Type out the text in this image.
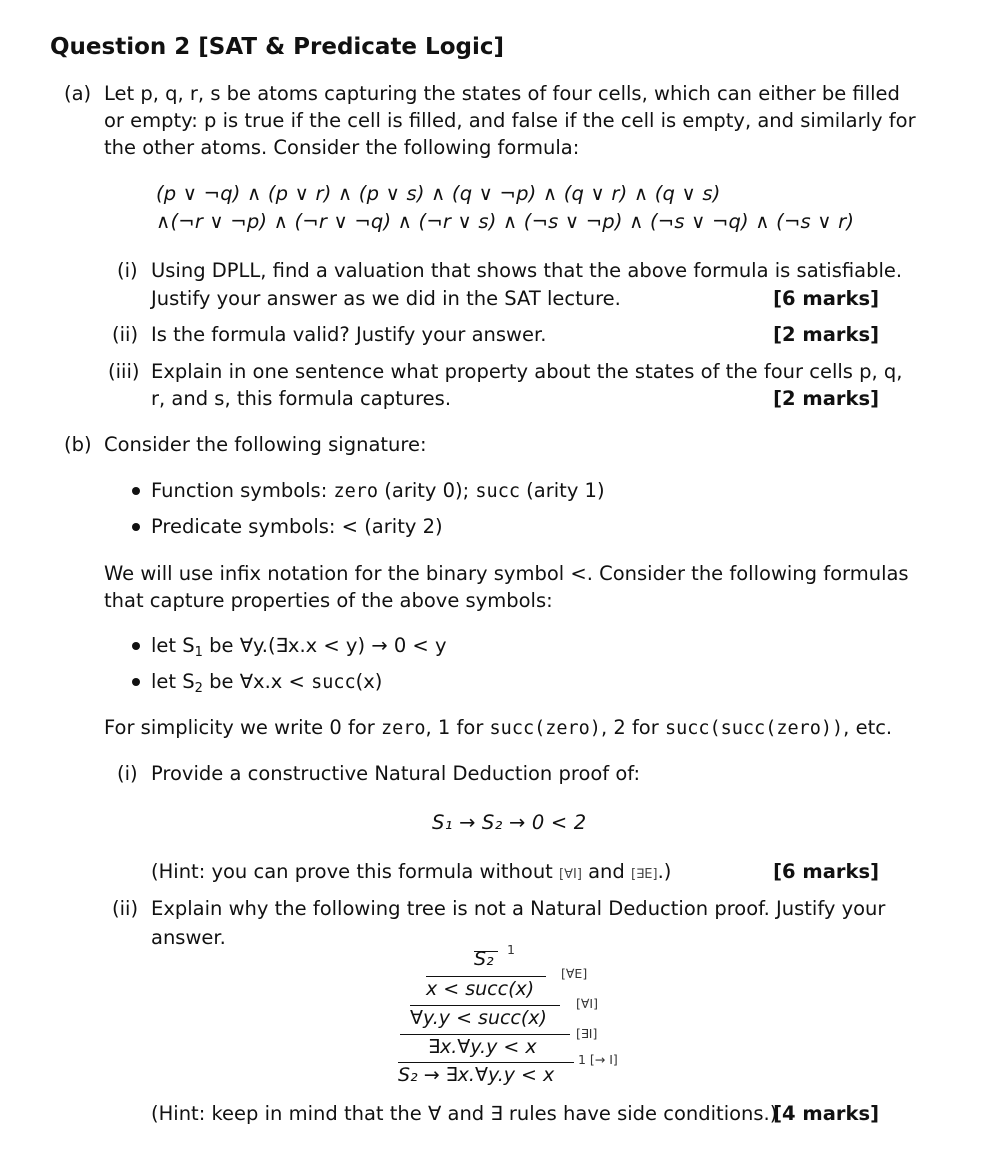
Question 2 [SAT & Predicate Logic]
(a) Let p, q, r, s be atoms capturing the states of four cells, which can either be filled
or empty: p is true if the cell is filled, and false if the cell is empty, and similarly for
the other atoms. Consider the following formula:
(p ∨ ¬q) ∧ (p ∨ r) ∧ (p ∨ s) ∧ (q ∨ ¬p) ∧ (q ∨ r) ∧ (q ∨ s)
∧(¬r ∨ ¬p) ∧ (¬r ∨ ¬q) ∧ (¬r ∨ s) ∧ (¬s ∨ ¬p) ∧ (¬s ∨ ¬q) ∧ (¬s ∨ r)
(i) Using DPLL, find a valuation that shows that the above formula is satisfiable.
Justify your answer as we did in the SAT lecture.	[6 marks]
(ii) Is the formula valid? Justify your answer.	[2 marks]
(iii) Explain in one sentence what property about the states of the four cells p, q,
r, and s, this formula captures.	[2 marks]
(b) Consider the following signature:
Function symbols: zero (arity 0); succ (arity 1)
Predicate symbols: < (arity 2)
We will use infix notation for the binary symbol <. Consider the following formulas
that capture properties of the above symbols:
let $S_1$ be ∀y.(∃x.x < y) → 0 < y
let $S_2$ be ∀x.x < succ(x)
For simplicity we write 0 for zero, 1 for succ(zero), 2 for succ(succ(zero)), etc.
(i) Provide a constructive Natural Deduction proof of:
S₁ → S₂ → 0 < 2
(Hint: you can prove this formula without [∀I] and [∃E].)	[6 marks]
(ii) Explain why the following tree is not a Natural Deduction proof. Justify your
answer.
S₂ 1
[∀E]
x < succ(x)
[∀I]
∀y.y < succ(x)
[∃I]
∃x.∀y.y < x
1 [→ I]
S₂ → ∃x.∀y.y < x
(Hint: keep in mind that the ∀ and ∃ rules have side conditions.)
[4 marks]
